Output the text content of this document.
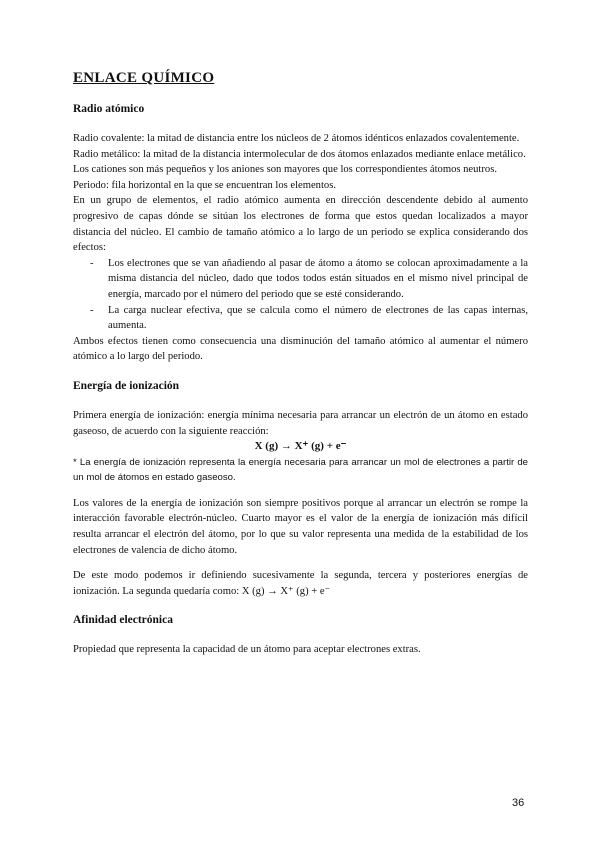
ENLACE QUÍMICO
Radio atómico

Radio covalente: la mitad de distancia entre los núcleos de 2 átomos idénticos enlazados covalentemente.

Radio metálico: la mitad de la distancia intermolecular de dos átomos enlazados mediante enlace metálico.

Los cationes son más pequeños y los aniones son mayores que los correspondientes átomos neutros.

Periodo: fila horizontal en la que se encuentran los elementos.

En un grupo de elementos, el radio atómico aumenta en dirección descendente debido al aumento progresivo de capas dónde se sitúan los electrones de forma que estos quedan localizados a mayor distancia del núcleo. El cambio de tamaño atómico a lo largo de un periodo se explica considerando dos efectos:

- Los electrones que se van añadiendo al pasar de átomo a átomo se colocan aproximadamente a la misma distancia del núcleo, dado que todos todos están situados en el mismo nivel principal de energía, marcado por el número del periodo que se esté considerando.
- La carga nuclear efectiva, que se calcula como el número de electrones de las capas internas, aumenta.

Ambos efectos tienen como consecuencia una disminución del tamaño atómico al aumentar el número atómico a lo largo del periodo.

Energía de ionización

Primera energía de ionización: energía mínima necesaria para arrancar un electrón de un átomo en estado gaseoso, de acuerdo con la siguiente reacción:

X (g) → X⁺ (g) + e⁻

* La energía de ionización representa la energía necesaria para arrancar un mol de electrones a partir de un mol de átomos en estado gaseoso.

Los valores de la energía de ionización son siempre positivos porque al arrancar un electrón se rompe la interacción favorable electrón-núcleo. Cuarto mayor es el valor de la energía de ionización más difícil resulta arrancar el electrón del átomo, por lo que su valor representa una medida de la estabilidad de los electrones de valencia de dicho átomo.

De este modo podemos ir definiendo sucesivamente la segunda, tercera y posteriores energías de ionización. La segunda quedaría como: X (g) → X⁺ (g) + e⁻

Afinidad electrónica

Propiedad que representa la capacidad de un átomo para aceptar electrones extras.

36
